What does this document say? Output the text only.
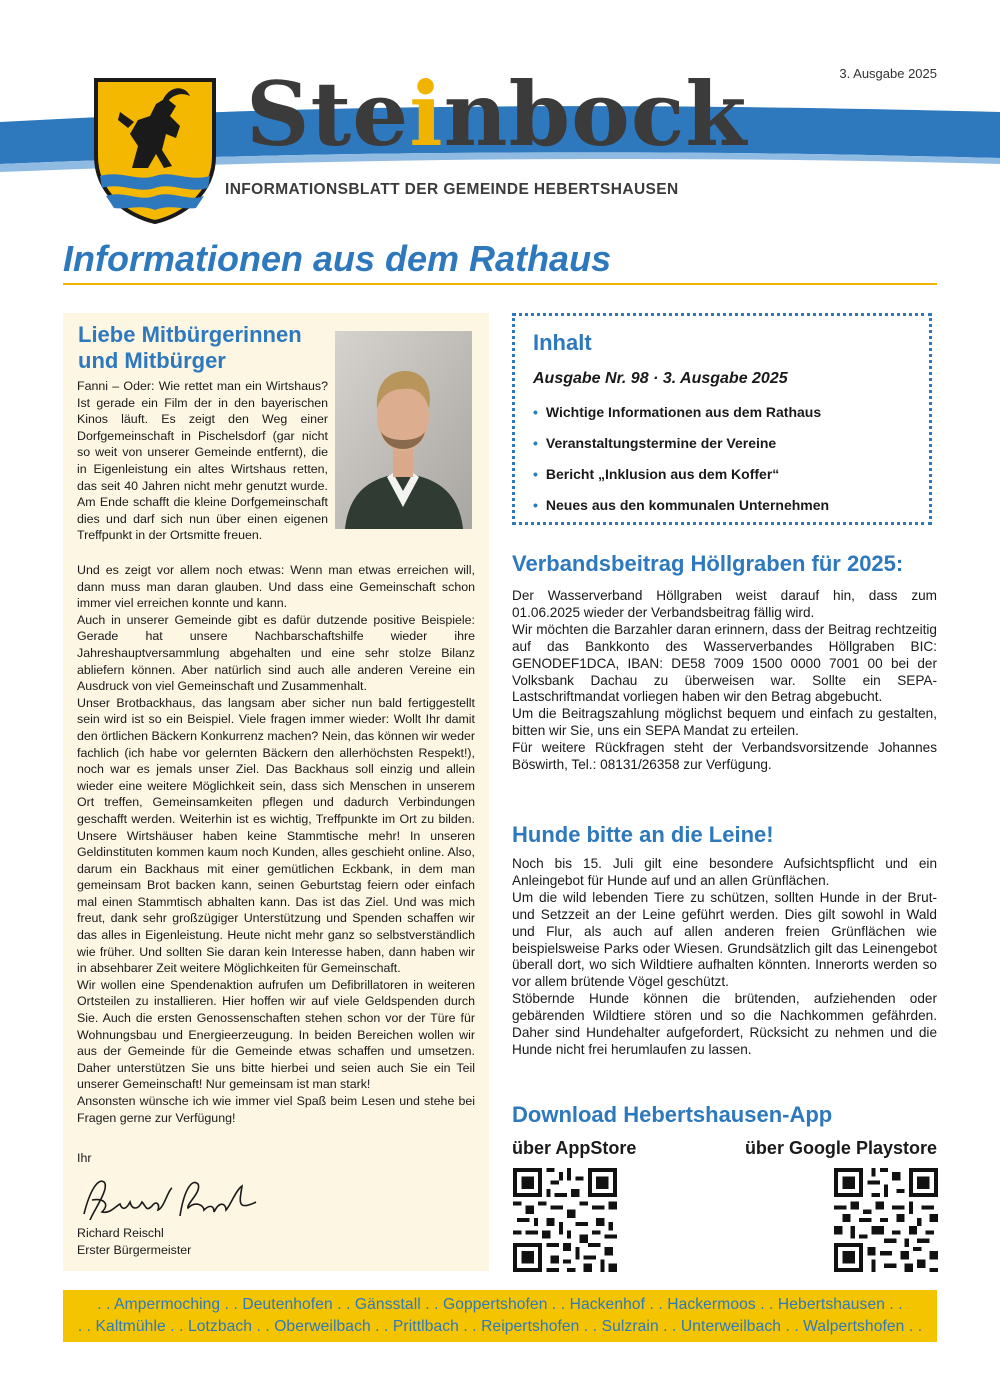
3. Ausgabe 2025
Steinbock
INFORMATIONSBLATT DER GEMEINDE HEBERTSHAUSEN
Informationen aus dem Rathaus
Liebe Mitbürgerinnen und Mitbürger

Fanni – Oder: Wie rettet man ein Wirtshaus? Ist gerade ein Film der in den bayerischen Kinos läuft. Es zeigt den Weg einer Dorfgemeinschaft in Pischelsdorf (gar nicht so weit von unserer Gemeinde entfernt), die in Eigenleistung ein altes Wirtshaus retten, das seit 40 Jahren nicht mehr genutzt wurde. Am Ende schafft die kleine Dorfgemeinschaft dies und darf sich nun über einen eigenen Treffpunkt in der Ortsmitte freuen.

Und es zeigt vor allem noch etwas: Wenn man etwas erreichen will, dann muss man daran glauben. Und dass eine Gemeinschaft schon immer viel erreichen konnte und kann.

Auch in unserer Gemeinde gibt es dafür dutzende positive Beispiele: Gerade hat unsere Nachbarschaftshilfe wieder ihre Jahreshauptversammlung abgehalten und eine sehr stolze Bilanz abliefern können. Aber natürlich sind auch alle anderen Vereine ein Ausdruck von viel Gemeinschaft und Zusammenhalt.

Unser Brotbackhaus, das langsam aber sicher nun bald fertiggestellt sein wird ist so ein Beispiel. Viele fragen immer wieder: Wollt Ihr damit den örtlichen Bäckern Konkurrenz machen? Nein, das können wir weder fachlich (ich habe vor gelernten Bäckern den allerhöchsten Respekt!), noch war es jemals unser Ziel. Das Backhaus soll einzig und allein wieder eine weitere Möglichkeit sein, dass sich Menschen in unserem Ort treffen, Gemeinsamkeiten pflegen und dadurch Verbindungen geschafft werden. Weiterhin ist es wichtig, Treffpunkte im Ort zu bilden. Unsere Wirtshäuser haben keine Stammtische mehr! In unseren Geldinstituten kommen kaum noch Kunden, alles geschieht online. Also, darum ein Backhaus mit einer gemütlichen Eckbank, in dem man gemeinsam Brot backen kann, seinen Geburtstag feiern oder einfach mal einen Stammtisch abhalten kann. Das ist das Ziel. Und was mich freut, dank sehr großzügiger Unterstützung und Spenden schaffen wir das alles in Eigenleistung. Heute nicht mehr ganz so selbstverständlich wie früher. Und sollten Sie daran kein Interesse haben, dann haben wir in absehbarer Zeit weitere Möglichkeiten für Gemeinschaft.

Wir wollen eine Spendenaktion aufrufen um Defibrillatoren in weiteren Ortsteilen zu installieren. Hier hoffen wir auf viele Geldspenden durch Sie. Auch die ersten Genossenschaften stehen schon vor der Türe für Wohnungsbau und Energieerzeugung. In beiden Bereichen wollen wir aus der Gemeinde für die Gemeinde etwas schaffen und umsetzen. Daher unterstützen Sie uns bitte hierbei und seien auch Sie ein Teil unserer Gemeinschaft! Nur gemeinsam ist man stark!

Ansonsten wünsche ich wie immer viel Spaß beim Lesen und stehe bei Fragen gerne zur Verfügung!

Ihr
Richard Reischl
Erster Bürgermeister
Inhalt
Ausgabe Nr. 98 · 3. Ausgabe 2025
• Wichtige Informationen aus dem Rathaus
• Veranstaltungstermine der Vereine
• Bericht „Inklusion aus dem Koffer“
• Neues aus den kommunalen Unternehmen
Verbandsbeitrag Höllgraben für 2025:

Der Wasserverband Höllgraben weist darauf hin, dass zum 01.06.2025 wieder der Verbandsbeitrag fällig wird.

Wir möchten die Barzahler daran erinnern, dass der Beitrag rechtzeitig auf das Bankkonto des Wasserverbandes Höllgraben BIC: GENODEF1DCA, IBAN: DE58 7009 1500 0000 7001 00 bei der Volksbank Dachau zu überweisen war. Sollte ein SEPA-Lastschriftmandat vorliegen haben wir den Betrag abgebucht.

Um die Beitragszahlung möglichst bequem und einfach zu gestalten, bitten wir Sie, uns ein SEPA Mandat zu erteilen.

Für weitere Rückfragen steht der Verbandsvorsitzende Johannes Böswirth, Tel.: 08131/26358 zur Verfügung.

Hunde bitte an die Leine!

Noch bis 15. Juli gilt eine besondere Aufsichtspflicht und ein Anleingebot für Hunde auf und an allen Grünflächen.

Um die wild lebenden Tiere zu schützen, sollten Hunde in der Brut- und Setzzeit an der Leine geführt werden. Dies gilt sowohl in Wald und Flur, als auch auf allen anderen freien Grünflächen wie beispielsweise Parks oder Wiesen. Grundsätzlich gilt das Leinengebot überall dort, wo sich Wildtiere aufhalten könnten. Innerorts werden so vor allem brütende Vögel geschützt.

Stöbernde Hunde können die brütenden, aufziehenden oder gebärenden Wildtiere stören und so die Nachkommen gefährden. Daher sind Hundehalter aufgefordert, Rücksicht zu nehmen und die Hunde nicht frei herumlaufen zu lassen.

Download Hebertshausen-App
über AppStore	über Google Playstore
. . Ampermoching . . Deutenhofen . . Gänsstall . . Goppertshofen . . Hackenhof . . Hackermoos . . Hebertshausen . .
. . Kaltmühle . . Lotzbach . . Oberweilbach . . Prittlbach . . Reipertshofen . . Sulzrain . . Unterweilbach . . Walpertshofen . .
